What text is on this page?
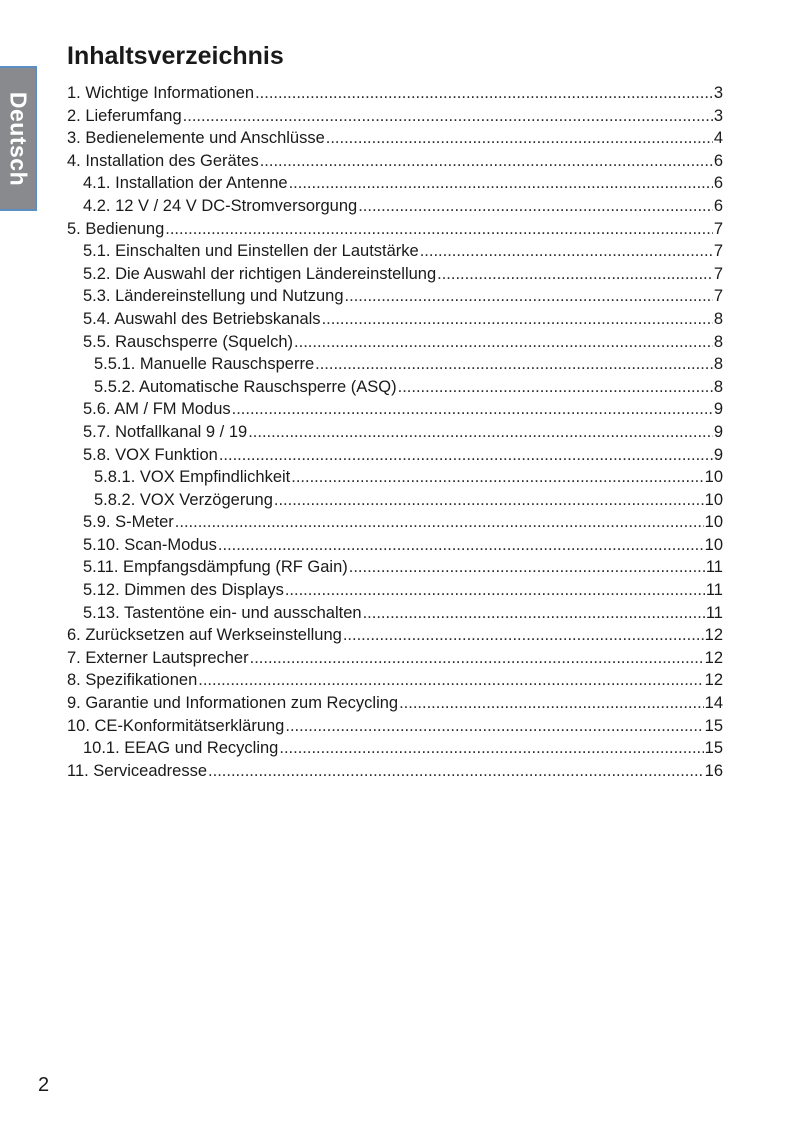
Deutsch
Inhaltsverzeichnis
1. Wichtige Informationen .....	3
2. Lieferumfang .....	3
3. Bedienelemente und Anschlüsse .....	4
4. Installation des Gerätes .....	6
4.1. Installation der Antenne .....	6
4.2. 12 V / 24 V DC-Stromversorgung .....	6
5. Bedienung .....	7
5.1. Einschalten und Einstellen der Lautstärke .....	7
5.2. Die Auswahl der richtigen Ländereinstellung .....	7
5.3. Ländereinstellung und Nutzung .....	7
5.4. Auswahl des Betriebskanals .....	8
5.5. Rauschsperre (Squelch) .....	8
5.5.1. Manuelle Rauschsperre .....	8
5.5.2. Automatische Rauschsperre (ASQ) .....	8
5.6. AM / FM Modus .....	9
5.7. Notfallkanal 9 / 19 .....	9
5.8. VOX Funktion .....	9
5.8.1. VOX Empfindlichkeit .....	10
5.8.2. VOX Verzögerung .....	10
5.9. S-Meter .....	10
5.10. Scan-Modus .....	10
5.11. Empfangsdämpfung (RF Gain) .....	11
5.12. Dimmen des Displays .....	11
5.13. Tastentöne ein- und ausschalten .....	11
6. Zurücksetzen auf Werkseinstellung .....	12
7. Externer Lautsprecher .....	12
8. Spezifikationen .....	12
9. Garantie und Informationen zum Recycling .....	14
10. CE-Konformitätserklärung .....	15
10.1. EEAG und Recycling .....	15
11. Serviceadresse .....	16
2
